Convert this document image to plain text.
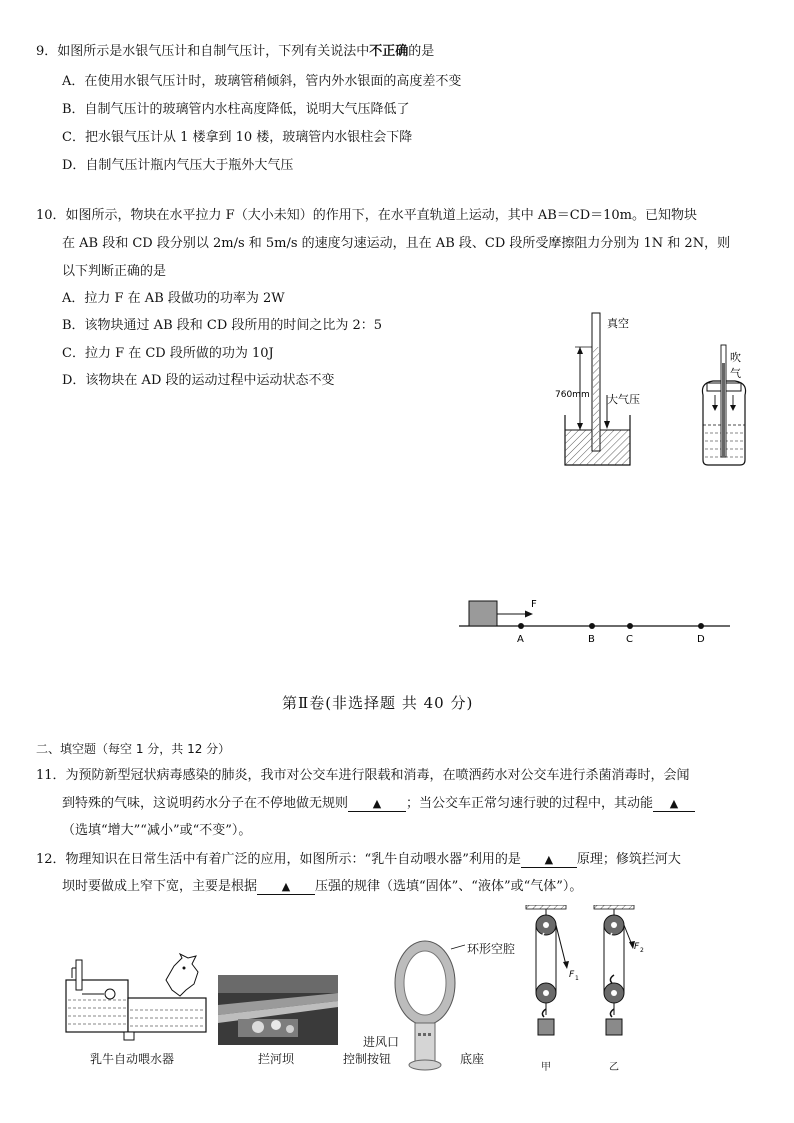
9．如图所示是水银气压计和自制气压计，下列有关说法中不正确的是
A．在使用水银气压计时，玻璃管稍倾斜，管内外水银面的高度差不变
B．自制气压计的玻璃管内水柱高度降低，说明大气压降低了
C．把水银气压计从 1 楼拿到 10 楼，玻璃管内水银柱会下降
D．自制气压计瓶内气压大于瓶外大气压
10．如图所示，物块在水平拉力 F（大小未知）的作用下，在水平直轨道上运动，其中 AB＝CD＝10m。已知物块
在 AB 段和 CD 段分别以 2m/s 和 5m/s 的速度匀速运动，且在 AB 段、CD 段所受摩擦阻力分别为 1N 和 2N，则
以下判断正确的是
A．拉力 F 在 AB 段做功的功率为 2W
B．该物块通过 AB 段和 CD 段所用的时间之比为 2：5
C．拉力 F 在 CD 段所做的功为 10J
D．该物块在 AD 段的运动过程中运动状态不变
真空
760mm 大气压
吹
气
F
A	B	C	D
第Ⅱ卷(非选择题 共 40 分)
二、填空题（每空 1 分，共 12 分）
11．为预防新型冠状病毒感染的肺炎，我市对公交车进行限载和消毒，在喷洒药水对公交车进行杀菌消毒时，会闻
到特殊的气味，这说明药水分子在不停地做无规则 ▲ ；当公交车正常匀速行驶的过程中，其动能 ▲
（选填“增大”“减小”或“不变”）。
12．物理知识在日常生活中有着广泛的应用，如图所示：“乳牛自动喂水器”利用的是 ▲ 原理；修筑拦河大
坝时要做成上窄下宽，主要是根据 ▲ 压强的规律（选填“固体”、“液体”或“气体”）。
乳牛自动喂水器	拦河坝
环形空腔
进风口
控制按钮	底座
F 1
甲
F 2
乙
